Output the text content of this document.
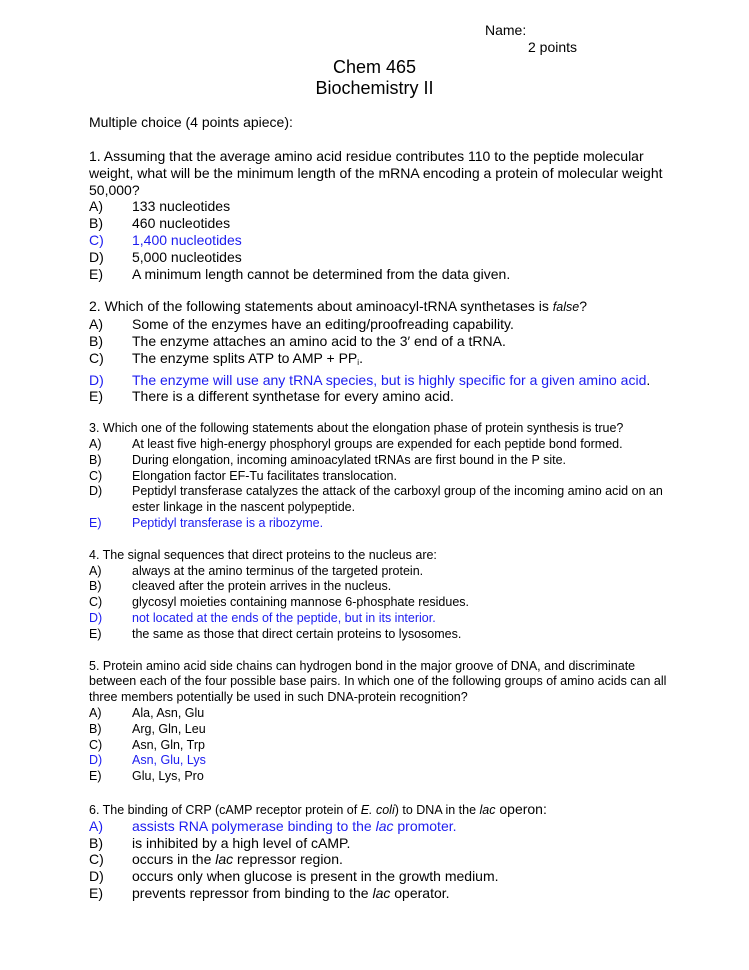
Name:
2 points
Chem 465
Biochemistry II

Multiple choice (4 points apiece):

1. Assuming that the average amino acid residue contributes 110 to the peptide molecular weight, what will be the minimum length of the mRNA encoding a protein of molecular weight 50,000?
A)	133 nucleotides
B)	460 nucleotides
C)	1,400 nucleotides
D)	5,000 nucleotides
E)	A minimum length cannot be determined from the data given.
2. Which of the following statements about aminoacyl-tRNA synthetases is false?
A)	Some of the enzymes have an editing/proofreading capability.
B)	The enzyme attaches an amino acid to the 3′ end of a tRNA.
C)	The enzyme splits ATP to AMP + $PP_i$.
D)	The enzyme will use any tRNA species, but is highly specific for a given amino acid.
E)	There is a different synthetase for every amino acid.
3. Which one of the following statements about the elongation phase of protein synthesis is true?
A)	At least five high-energy phosphoryl groups are expended for each peptide bond formed.
B)	During elongation, incoming aminoacylated tRNAs are first bound in the P site.
C)	Elongation factor EF-Tu facilitates translocation.
D)	Peptidyl transferase catalyzes the attack of the carboxyl group of the incoming amino acid on an ester linkage in the nascent polypeptide.
E)	Peptidyl transferase is a ribozyme.
4. The signal sequences that direct proteins to the nucleus are:
A)	always at the amino terminus of the targeted protein.
B)	cleaved after the protein arrives in the nucleus.
C)	glycosyl moieties containing mannose 6-phosphate residues.
D)	not located at the ends of the peptide, but in its interior.
E)	the same as those that direct certain proteins to lysosomes.
5. Protein amino acid side chains can hydrogen bond in the major groove of DNA, and discriminate between each of the four possible base pairs. In which one of the following groups of amino acids can all three members potentially be used in such DNA-protein recognition?
A)	Ala, Asn, Glu
B)	Arg, Gln, Leu
C)	Asn, Gln, Trp
D)	Asn, Glu, Lys
E)	Glu, Lys, Pro
6. The binding of CRP (cAMP receptor protein of E. coli) to DNA in the lac operon:
A)	assists RNA polymerase binding to the lac promoter.
B)	is inhibited by a high level of cAMP.
C)	occurs in the lac repressor region.
D)	occurs only when glucose is present in the growth medium.
E)	prevents repressor from binding to the lac operator.
